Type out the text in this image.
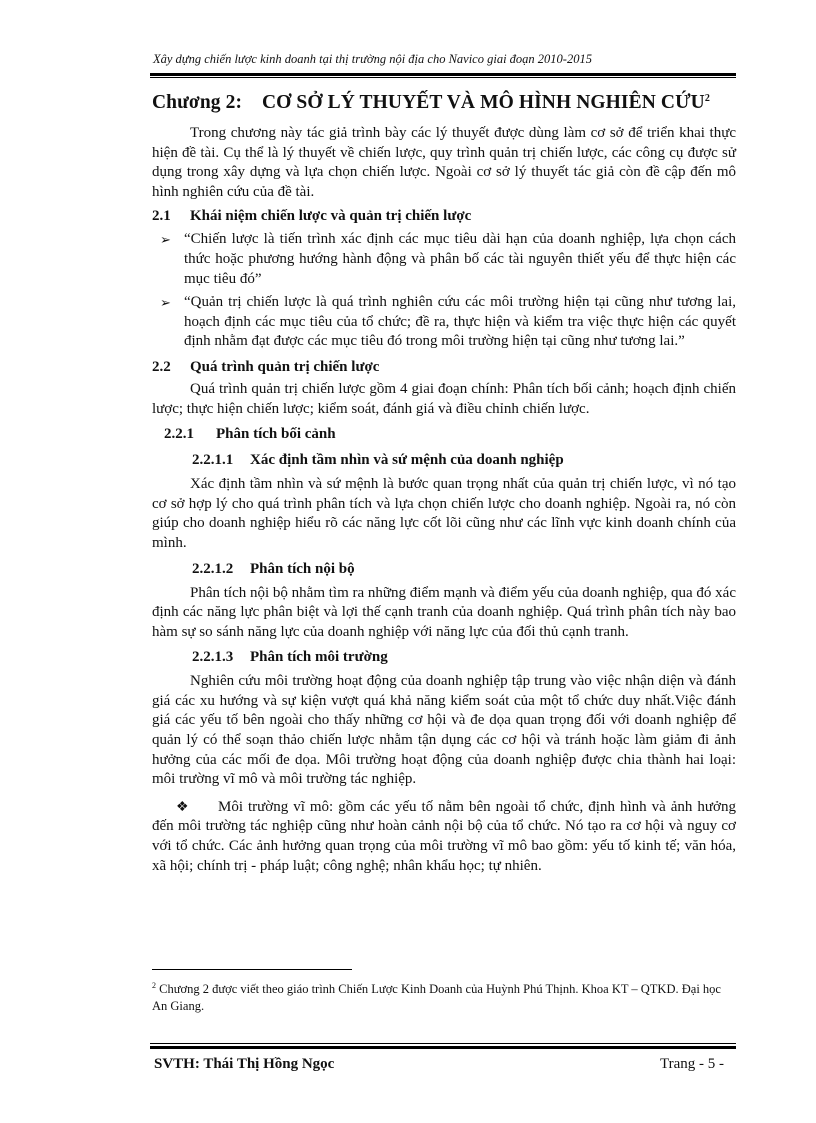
Xây dựng chiến lược kinh doanh tại thị trường nội địa cho Navico giai đoạn 2010-2015
Chương 2: CƠ SỞ LÝ THUYẾT VÀ MÔ HÌNH NGHIÊN CỨU$^2$

Trong chương này tác giả trình bày các lý thuyết được dùng làm cơ sở để triển khai thực hiện đề tài. Cụ thể là lý thuyết về chiến lược, quy trình quản trị chiến lược, các công cụ được sử dụng trong xây dựng và lựa chọn chiến lược. Ngoài cơ sở lý thuyết tác giả còn đề cập đến mô hình nghiên cứu của đề tài.

2.1 Khái niệm chiến lược và quản trị chiến lược
➢ “Chiến lược là tiến trình xác định các mục tiêu dài hạn của doanh nghiệp, lựa chọn cách thức hoặc phương hướng hành động và phân bố các tài nguyên thiết yếu để thực hiện các mục tiêu đó”

➢ “Quản trị chiến lược là quá trình nghiên cứu các môi trường hiện tại cũng như tương lai, hoạch định các mục tiêu của tổ chức; đề ra, thực hiện và kiểm tra việc thực hiện các quyết định nhằm đạt được các mục tiêu đó trong môi trường hiện tại cũng như tương lai.”

2.2 Quá trình quản trị chiến lược

Quá trình quản trị chiến lược gồm 4 giai đoạn chính: Phân tích bối cảnh; hoạch định chiến lược; thực hiện chiến lược; kiểm soát, đánh giá và điều chỉnh chiến lược.

2.2.1 Phân tích bối cảnh
2.2.1.1 Xác định tầm nhìn và sứ mệnh của doanh nghiệp

Xác định tầm nhìn và sứ mệnh là bước quan trọng nhất của quản trị chiến lược, vì nó tạo cơ sở hợp lý cho quá trình phân tích và lựa chọn chiến lược cho doanh nghiệp. Ngoài ra, nó còn giúp cho doanh nghiệp hiểu rõ các năng lực cốt lõi cũng như các lĩnh vực kinh doanh chính của mình.

2.2.1.2 Phân tích nội bộ

Phân tích nội bộ nhằm tìm ra những điểm mạnh và điểm yếu của doanh nghiệp, qua đó xác định các năng lực phân biệt và lợi thế cạnh tranh của doanh nghiệp. Quá trình phân tích này bao hàm sự so sánh năng lực của doanh nghiệp với năng lực của đối thủ cạnh tranh.

2.2.1.3 Phân tích môi trường

Nghiên cứu môi trường hoạt động của doanh nghiệp tập trung vào việc nhận diện và đánh giá các xu hướng và sự kiện vượt quá khả năng kiểm soát của một tổ chức duy nhất.Việc đánh giá các yếu tố bên ngoài cho thấy những cơ hội và đe dọa quan trọng đối với doanh nghiệp để quản lý có thể soạn thảo chiến lược nhằm tận dụng các cơ hội và tránh hoặc làm giảm đi ảnh hưởng của các mối đe dọa. Môi trường hoạt động của doanh nghiệp được chia thành hai loại: môi trường vĩ mô và môi trường tác nghiệp.

❖ Môi trường vĩ mô: gồm các yếu tố nằm bên ngoài tổ chức, định hình và ảnh hưởng đến môi trường tác nghiệp cũng như hoàn cảnh nội bộ của tổ chức. Nó tạo ra cơ hội và nguy cơ với tổ chức. Các ảnh hưởng quan trọng của môi trường vĩ mô bao gồm: yếu tố kinh tế; văn hóa, xã hội; chính trị - pháp luật; công nghệ; nhân khẩu học; tự nhiên.

$^2$ Chương 2 được viết theo giáo trình Chiến Lược Kinh Doanh của Huỳnh Phú Thịnh. Khoa KT – QTKD. Đại học An Giang.
SVTH: Thái Thị Hồng Ngọc	Trang - 5 -
